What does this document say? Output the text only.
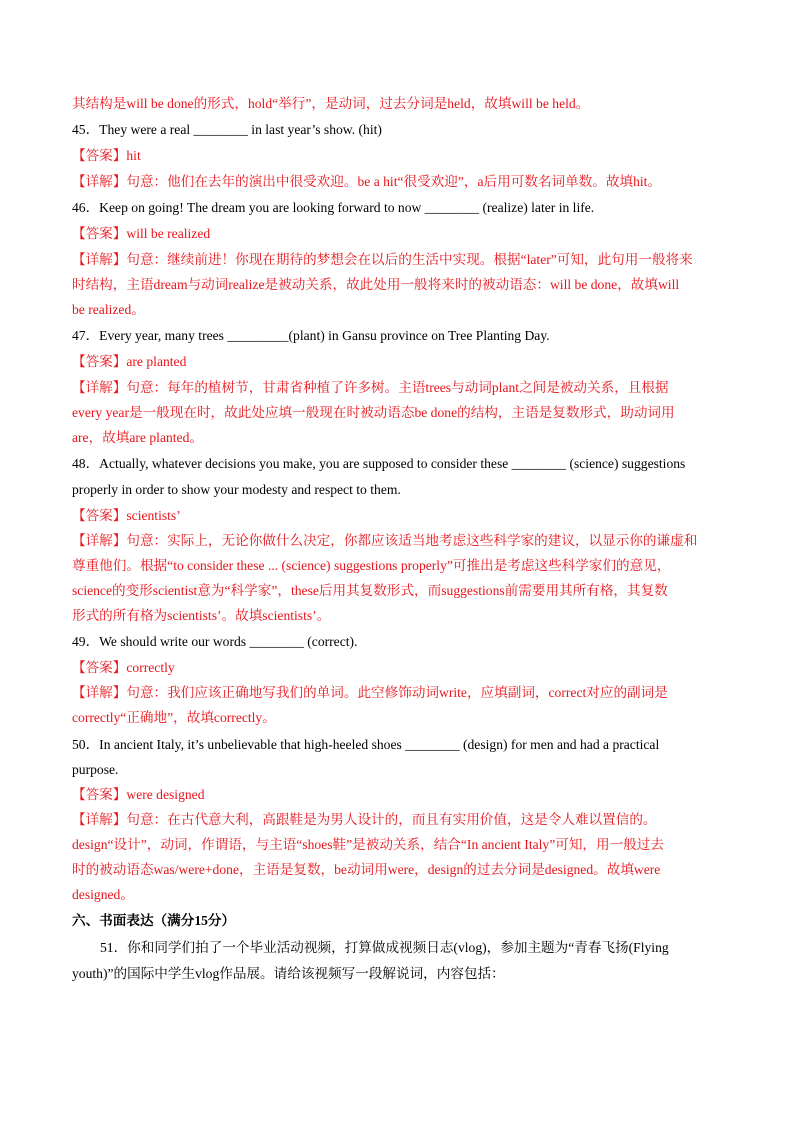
其结构是will be done的形式，hold“举行”，是动词，过去分词是held，故填will be held。
45．They were a real ________ in last year’s show. (hit)
【答案】hit
【详解】句意：他们在去年的演出中很受欢迎。be a hit“很受欢迎”，a后用可数名词单数。故填hit。
46．Keep on going! The dream you are looking forward to now ________ (realize) later in life.
【答案】will be realized
【详解】句意：继续前进！你现在期待的梦想会在以后的生活中实现。根据“later”可知，此句用一般将来
时结构，主语dream与动词realize是被动关系，故此处用一般将来时的被动语态：will be done，故填will
be realized。
47．Every year, many trees _________(plant) in Gansu province on Tree Planting Day.
【答案】are planted
【详解】句意：每年的植树节，甘肃省种植了许多树。主语trees与动词plant之间是被动关系，且根据
every year是一般现在时，故此处应填一般现在时被动语态be done的结构，主语是复数形式，助动词用
are，故填are planted。
48．Actually, whatever decisions you make, you are supposed to consider these ________ (science) suggestions
properly in order to show your modesty and respect to them.
【答案】scientists’
【详解】句意：实际上，无论你做什么决定，你都应该适当地考虑这些科学家的建议，以显示你的谦虚和
尊重他们。根据“to consider these ... (science) suggestions properly”可推出是考虑这些科学家们的意见，
science的变形scientist意为“科学家”，these后用其复数形式，而suggestions前需要用其所有格，其复数
形式的所有格为scientists’。故填scientists’。
49．We should write our words ________ (correct).
【答案】correctly
【详解】句意：我们应该正确地写我们的单词。此空修饰动词write，应填副词，correct对应的副词是
correctly“正确地”，故填correctly。
50．In ancient Italy, it’s unbelievable that high-heeled shoes ________ (design) for men and had a practical
purpose.
【答案】were designed
【详解】句意：在古代意大利，高跟鞋是为男人设计的，而且有实用价值，这是令人难以置信的。
design“设计”，动词，作谓语，与主语“shoes鞋”是被动关系，结合“In ancient Italy”可知，用一般过去
时的被动语态was/were+done，主语是复数，be动词用were，design的过去分词是designed。故填were
designed。
六、书面表达（满分15分）
51．你和同学们拍了一个毕业活动视频，打算做成视频日志(vlog)，参加主题为“青春飞扬(Flying
youth)”的国际中学生vlog作品展。请给该视频写一段解说词，内容包括：
